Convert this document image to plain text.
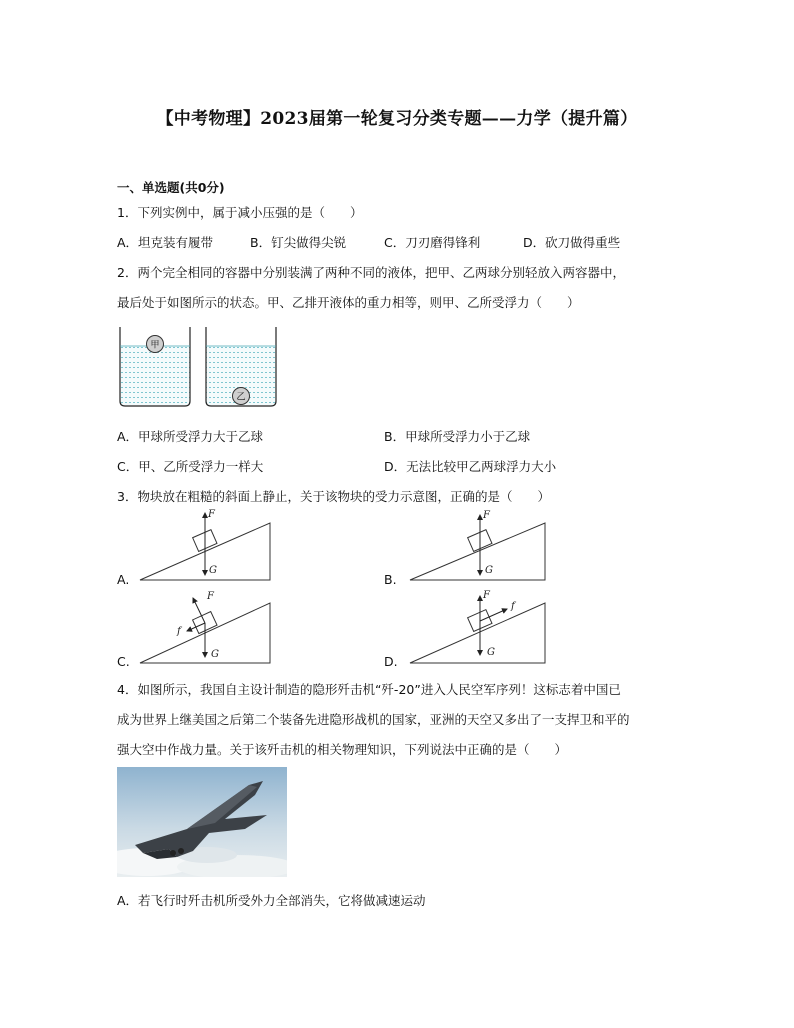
【中考物理】2023届第一轮复习分类专题——力学（提升篇）
一、单选题(共0分)
1．下列实例中，属于减小压强的是（　　）
A．坦克装有履带	B．钉尖做得尖锐	C．刀刃磨得锋利	D．砍刀做得重些
2．两个完全相同的容器中分别装满了两种不同的液体，把甲、乙两球分别轻放入两容器中，
最后处于如图所示的状态。甲、乙排开液体的重力相等，则甲、乙所受浮力（　　）
甲
乙
A．甲球所受浮力大于乙球	B．甲球所受浮力小于乙球
C．甲、乙所受浮力一样大	D．无法比较甲乙两球浮力大小
3．物块放在粗糙的斜面上静止，关于该物块的受力示意图，正确的是（　　）
A.	B.
C.	D.
F
G
F
G
F
G
f
F
G
f
4．如图所示，我国自主设计制造的隐形歼击机“歼-20”进入人民空军序列！这标志着中国已
成为世界上继美国之后第二个装备先进隐形战机的国家，亚洲的天空又多出了一支捍卫和平的
强大空中作战力量。关于该歼击机的相关物理知识，下列说法中正确的是（　　）
A．若飞行时歼击机所受外力全部消失，它将做减速运动
